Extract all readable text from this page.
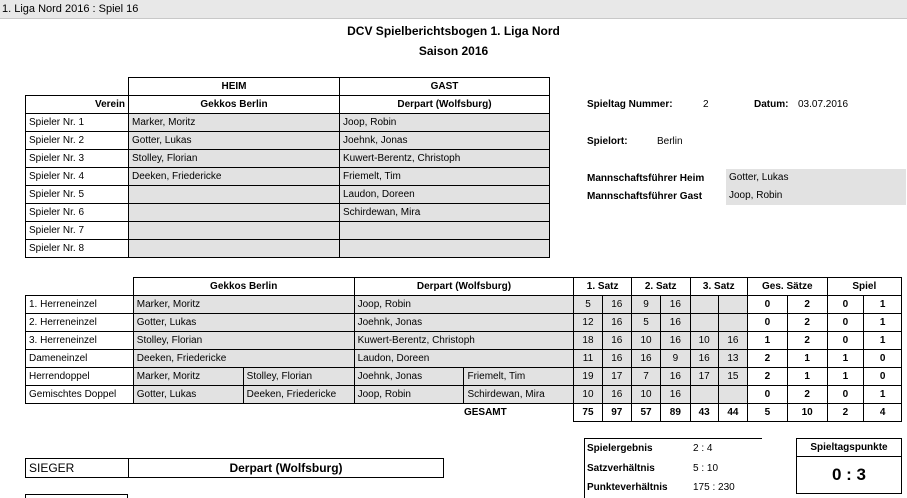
1. Liga Nord 2016 : Spiel 16
DCV Spielberichtsbogen 1. Liga Nord
Saison 2016
	HEIM	GAST
Verein	Gekkos Berlin	Derpart (Wolfsburg)
Spieler Nr. 1	Marker, Moritz	Joop, Robin
Spieler Nr. 2	Gotter, Lukas	Joehnk, Jonas
Spieler Nr. 3	Stolley, Florian	Kuwert-Berentz, Christoph
Spieler Nr. 4	Deeken, Friedericke	Friemelt, Tim
Spieler Nr. 5		Laudon, Doreen
Spieler Nr. 6		Schirdewan, Mira
Spieler Nr. 7		
Spieler Nr. 8		
Spieltag Nummer:	2	Datum: 03.07.2016
Spielort:	Berlin
Mannschaftsführer Heim	Gotter, Lukas
Mannschaftsführer Gast	Joop, Robin
	Gekkos Berlin		Derpart (Wolfsburg)		1. Satz		2. Satz		3. Satz		Ges. Sätze		Spiel	
1. Herreneinzel	Marker, Moritz		Joop, Robin		5	16	9	16			0	2	0	1
2. Herreneinzel	Gotter, Lukas		Joehnk, Jonas		12	16	5	16			0	2	0	1
3. Herreneinzel	Stolley, Florian		Kuwert-Berentz, Christoph		18	16	10	16	10	16	1	2	0	1
Dameneinzel	Deeken, Friedericke		Laudon, Doreen		11	16	16	9	16	13	2	1	1	0
Herrendoppel	Marker, Moritz	Stolley, Florian	Joehnk, Jonas	Friemelt, Tim	19	17	7	16	17	15	2	1	1	0
Gemischtes Doppel	Gotter, Lukas	Deeken, Friedericke	Joop, Robin	Schirdewan, Mira	10	16	10	16			0	2	0	1
				GESAMT	75	97	57	89	43	44	5	10	2	4
Spielergebnis	2 : 4
Satzverhältnis	5 : 10
Punkteverhältnis	175 : 230
Spieltagspunkte
0 : 3
SIEGER	Derpart (Wolfsburg)
